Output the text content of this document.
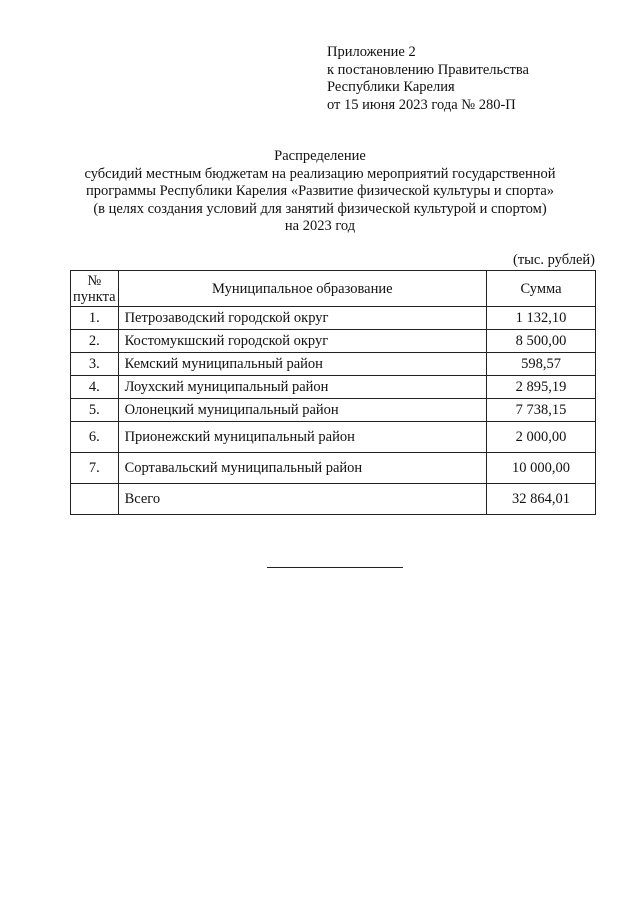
Приложение 2
к постановлению Правительства
Республики Карелия
от 15 июня 2023 года № 280-П
Распределение
субсидий местным бюджетам на реализацию мероприятий государственной
программы Республики Карелия «Развитие физической культуры и спорта»
(в целях создания условий для занятий физической культурой и спортом)
на 2023 год
(тыс. рублей)
№
пункта	Муниципальное образование	Сумма
1.	Петрозаводский городской округ	1 132,10
2.	Костомукшский городской округ	8 500,00
3.	Кемский муниципальный район	598,57
4.	Лоухский муниципальный район	2 895,19
5.	Олонецкий муниципальный район	7 738,15
6.	Прионежский муниципальный район	2 000,00
7.	Сортавальский муниципальный район	10 000,00
	Всего	32 864,01
